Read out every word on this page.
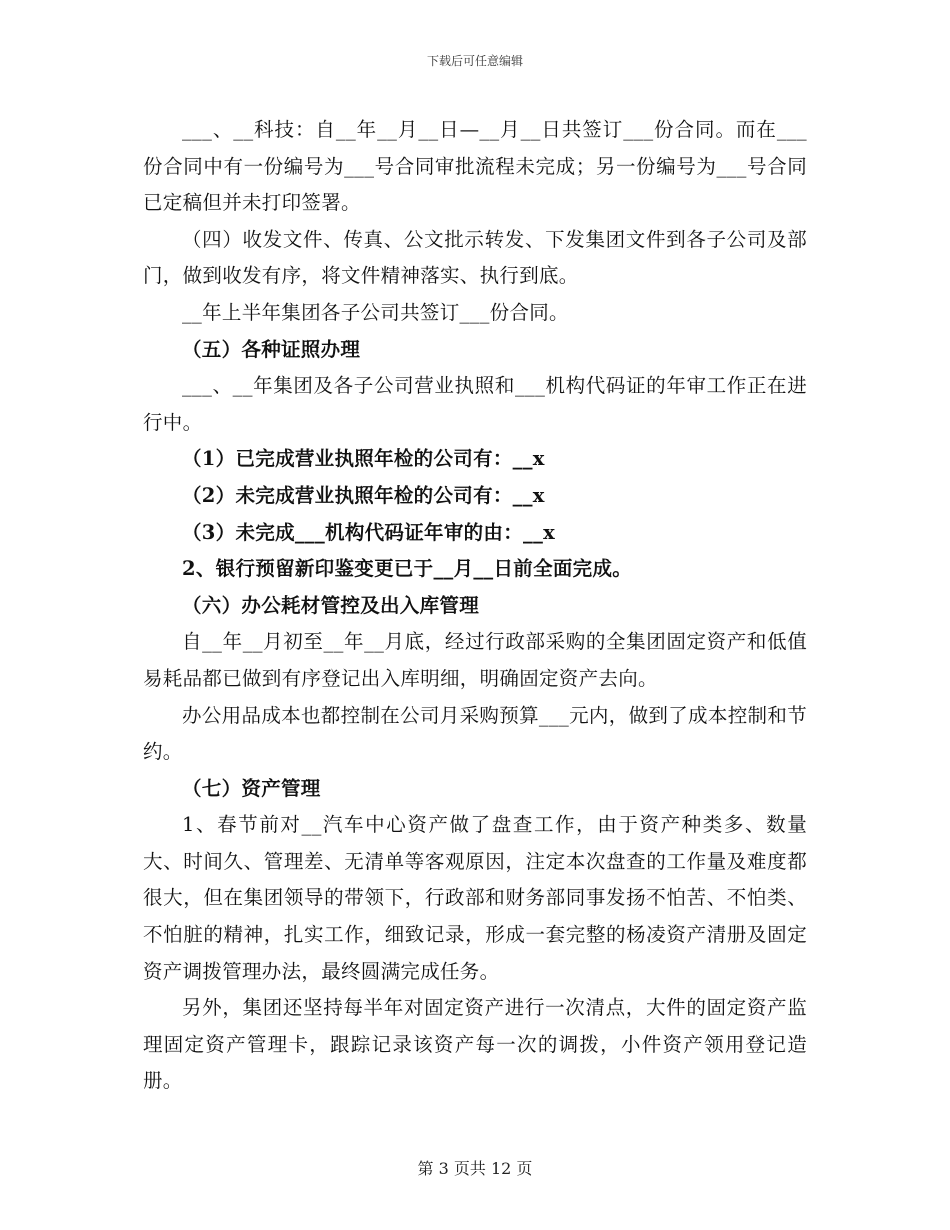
下载后可任意编辑

___、__科技：自__年__月__日—__月__日共签订___份合同。而在___份合同中有一份编号为___号合同审批流程未完成；另一份编号为___号合同已定稿但并未打印签署。

（四）收发文件、传真、公文批示转发、下发集团文件到各子公司及部门，做到收发有序，将文件精神落实、执行到底。

__年上半年集团各子公司共签订___份合同。

（五）各种证照办理

___、__年集团及各子公司营业执照和___机构代码证的年审工作正在进行中。

（1）已完成营业执照年检的公司有：__x

（2）未完成营业执照年检的公司有：__x

（3）未完成___机构代码证年审的由：__x

2、银行预留新印鉴变更已于__月__日前全面完成。

（六）办公耗材管控及出入库管理

自__年__月初至__年__月底，经过行政部采购的全集团固定资产和低值易耗品都已做到有序登记出入库明细，明确固定资产去向。

办公用品成本也都控制在公司月采购预算___元内，做到了成本控制和节约。

（七）资产管理

1、春节前对__汽车中心资产做了盘查工作，由于资产种类多、数量大、时间久、管理差、无清单等客观原因，注定本次盘查的工作量及难度都很大，但在集团领导的带领下，行政部和财务部同事发扬不怕苦、不怕类、不怕脏的精神，扎实工作，细致记录，形成一套完整的杨凌资产清册及固定资产调拨管理办法，最终圆满完成任务。

另外，集团还坚持每半年对固定资产进行一次清点，大件的固定资产监理固定资产管理卡，跟踪记录该资产每一次的调拨，小件资产领用登记造册。

第 3 页共 12 页
